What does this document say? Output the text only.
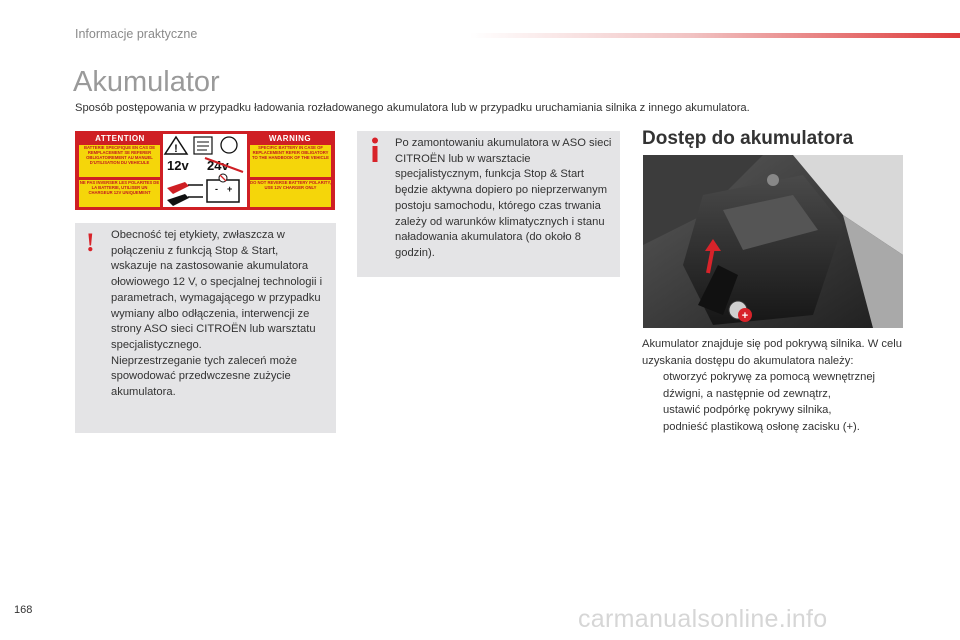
Informacje praktyczne
Akumulator
Sposób postępowania w przypadku ładowania rozładowanego akumulatora lub w przypadku uruchamiania silnika z innego akumulatora.
ATTENTION	WARNING
BATTERIE SPECIFIQUE EN CAS DE REMPLACEMENT SE REFERER OBLIGATOIREMENT AU MANUEL D'UTILISATION DU VEHICULE
SPECIFIC BATTERY IN CASE OF REPLACEMENT REFER OBLIGATORY TO THE HANDBOOK OF THE VEHICLE
NE PAS INVERSER LES POLARITES DE LA BATTERIE, UTILISER UN CHARGEUR 12V UNIQUEMENT
DO NOT REVERSE BATTERY POLARITY, USE 12V CHARGER ONLY
!
12v 24v
- +
! Obecność tej etykiety, zwłaszcza w połączeniu z funkcją Stop & Start, wskazuje na zastosowanie akumulatora ołowiowego 12 V, o specjalnej technologii i parametrach, wymagającego w przypadku wymiany albo odłączenia, interwencji ze strony ASO sieci CITROËN lub warsztatu specjalistycznego.

Nieprzestrzeganie tych zaleceń może spowodować przedwczesne zużycie akumulatora.

Po zamontowaniu akumulatora w ASO sieci CITROËN lub w warsztacie specjalistycznym, funkcja Stop & Start będzie aktywna dopiero po nieprzerwanym postoju samochodu, którego czas trwania zależy od warunków klimatycznych i stanu naładowania akumulatora (do około 8 godzin).
Dostęp do akumulatora
+

Akumulator znajduje się pod pokrywą silnika. W celu uzyskania dostępu do akumulatora należy:

otworzyć pokrywę za pomocą wewnętrznej dźwigni, a następnie od zewnątrz,
ustawić podpórkę pokrywy silnika,
podnieść plastikową osłonę zacisku (+).
168	carmanualsonline.info
